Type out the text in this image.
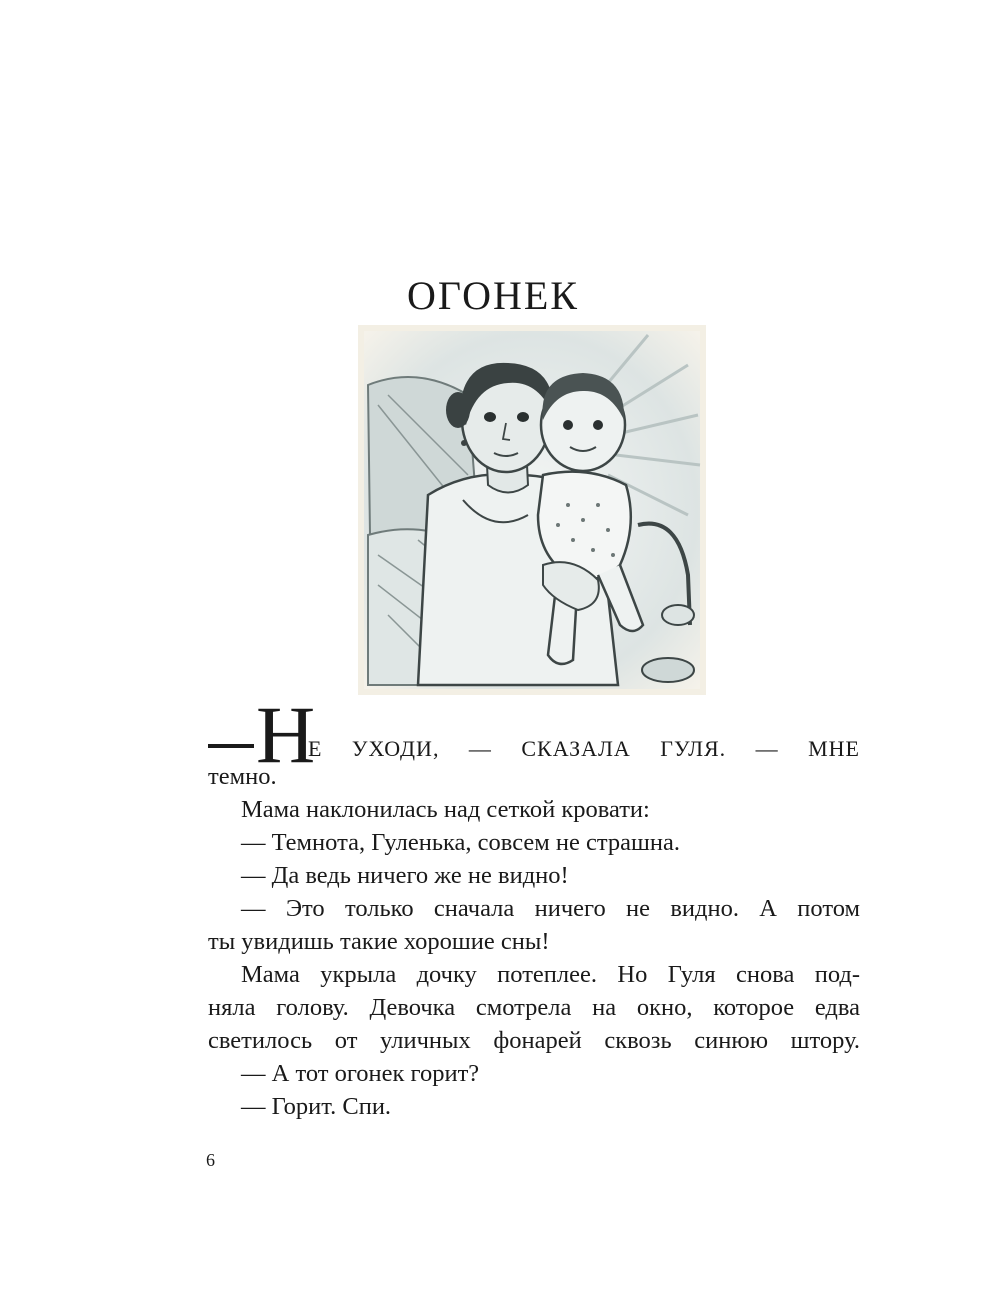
ОГОНЕК
Н
Е УХОДИ, — СКАЗАЛА ГУЛЯ. — МНЕ
темно.
Мама наклонилась над сеткой кровати:
— Темнота, Гуленька, совсем не страшна.
— Да ведь ничего же не видно!
— Это только сначала ничего не видно. А потом
ты увидишь такие хорошие сны!
Мама укрыла дочку потеплее. Но Гуля снова под-
няла голову. Девочка смотрела на окно, которое едва
светилось от уличных фонарей сквозь синюю штору.
— А тот огонек горит?
— Горит. Спи.
6
